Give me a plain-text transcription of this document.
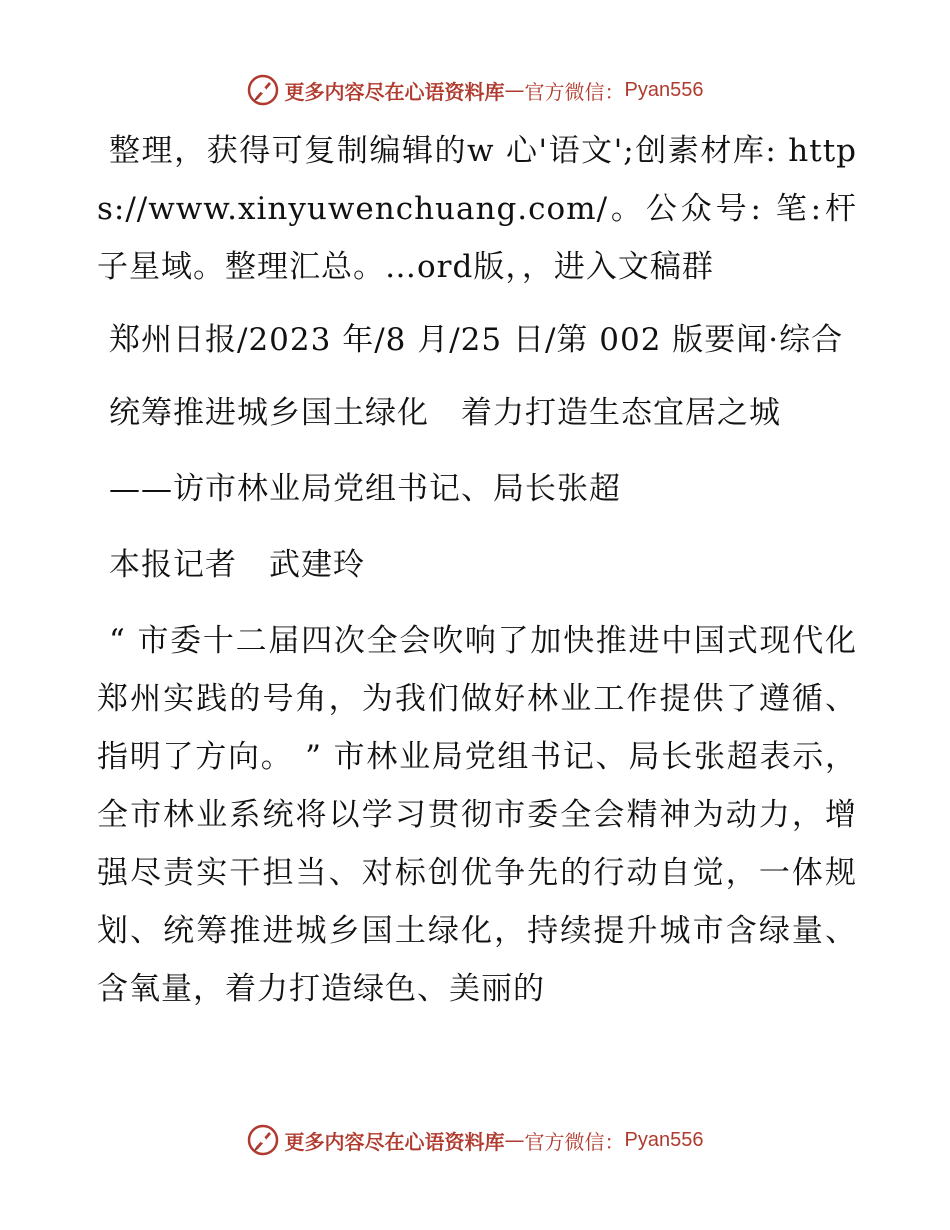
更多内容尽在心语资料库 — 官方微信： Pyan556

整理，获得可复制编辑的w 心'语文';创素材库: https://www.xinyuwenchuang.com/。公众号: 笔:杆子星域。整理汇总。…ord版，，进入文稿群

郑州日报/2023 年/8 月/25 日/第 002 版要闻·综合

统筹推进城乡国土绿化　着力打造生态宜居之城

——访市林业局党组书记、局长张超

本报记者　武建玲

“ 市委十二届四次全会吹响了加快推进中国式现代化郑州实践的号角，为我们做好林业工作提供了遵循、指明了方向。 ” 市林业局党组书记、局长张超表示，全市林业系统将以学习贯彻市委全会精神为动力，增强尽责实干担当、对标创优争先的行动自觉，一体规划、统筹推进城乡国土绿化，持续提升城市含绿量、含氧量，着力打造绿色、美丽的

更多内容尽在心语资料库 — 官方微信： Pyan556
